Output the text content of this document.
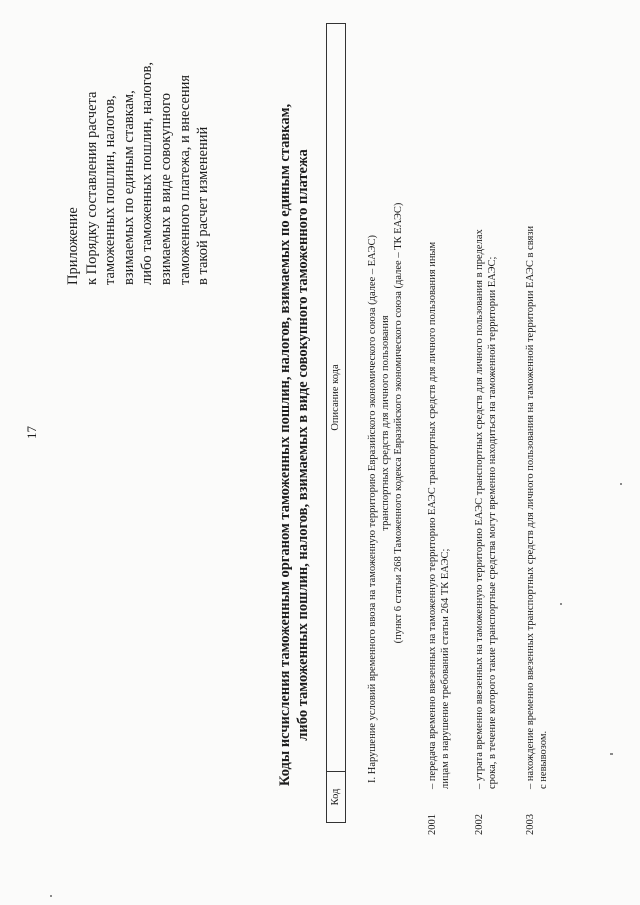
17
Приложение к Порядку составления расчета таможенных пошлин, налогов, взимаемых по единым ставкам, либо таможенных пошлин, налогов, взимаемых в виде совокупного таможенного платежа, и внесения в такой расчет изменений	Коды исчисления таможенным органом таможенных пошлин, налогов, взимаемых по единым ставкам, либо таможенных пошлин, налогов, взимаемых в виде совокупного таможенного платежа
Код
Описание кода	I. Нарушение условий временного ввоза на таможенную территорию Евразийского экономического союза (далее – ЕАЭС) транспортных средств для личного пользования (пункт 6 статьи 268 Таможенного кодекса Евразийского экономического союза (далее – ТК ЕАЭС)
2001
– передача временно ввезенных на таможенную территорию ЕАЭС транспортных средств для личного пользования иным лицам в нарушение требований статьи 264 ТК ЕАЭС;
2002
– утрата временно ввезенных на таможенную территорию ЕАЭС транспортных средств для личного пользования в пределах срока, в течение которого такие транспортные средства могут временно находиться на таможенной территории ЕАЭС;
2003
– нахождение временно ввезенных транспортных средств для личного пользования на таможенной территории ЕАЭС в связи с невывозом.
